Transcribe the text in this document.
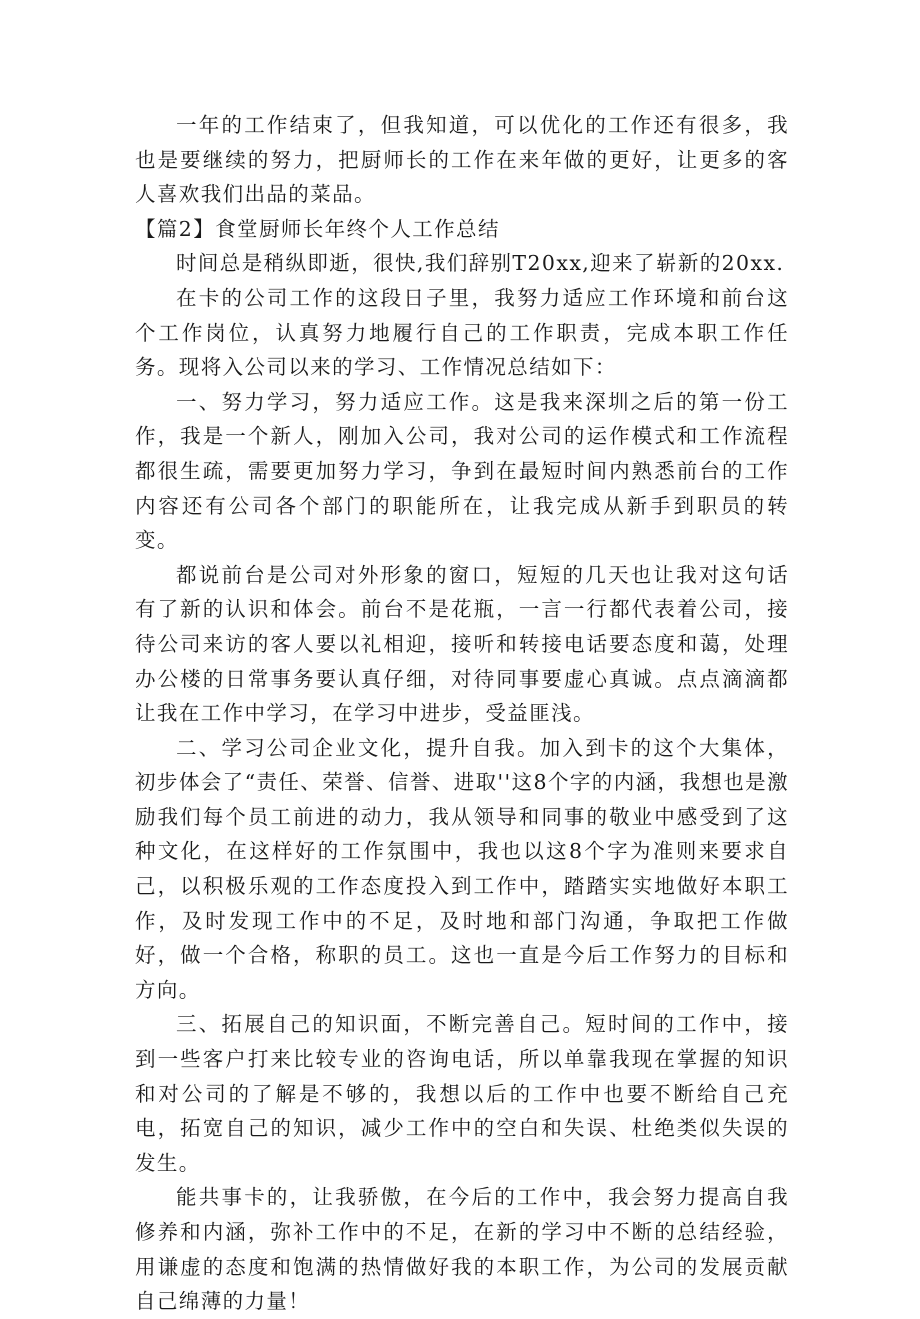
一年的工作结束了，但我知道，可以优化的工作还有很多，我也是要继续的努力，把厨师长的工作在来年做的更好，让更多的客人喜欢我们出品的菜品。

【篇2】食堂厨师长年终个人工作总结

时间总是稍纵即逝，很快,我们辞别T20xx,迎来了崭新的20xx.

在卡的公司工作的这段日子里，我努力适应工作环境和前台这个工作岗位，认真努力地履行自己的工作职责，完成本职工作任务。现将入公司以来的学习、工作情况总结如下：

一、努力学习，努力适应工作。这是我来深圳之后的第一份工作，我是一个新人，刚加入公司，我对公司的运作模式和工作流程都很生疏，需要更加努力学习，争到在最短时间内熟悉前台的工作内容还有公司各个部门的职能所在，让我完成从新手到职员的转变。

都说前台是公司对外形象的窗口，短短的几天也让我对这句话有了新的认识和体会。前台不是花瓶，一言一行都代表着公司，接待公司来访的客人要以礼相迎，接听和转接电话要态度和蔼，处理办公楼的日常事务要认真仔细，对待同事要虚心真诚。点点滴滴都让我在工作中学习，在学习中进步，受益匪浅。

二、学习公司企业文化，提升自我。加入到卡的这个大集体，初步体会了“责任、荣誉、信誉、进取''这8个字的内涵，我想也是激励我们每个员工前进的动力，我从领导和同事的敬业中感受到了这种文化，在这样好的工作氛围中，我也以这8个字为准则来要求自己，以积极乐观的工作态度投入到工作中，踏踏实实地做好本职工作，及时发现工作中的不足，及时地和部门沟通，争取把工作做好，做一个合格，称职的员工。这也一直是今后工作努力的目标和方向。

三、拓展自己的知识面，不断完善自己。短时间的工作中，接到一些客户打来比较专业的咨询电话，所以单靠我现在掌握的知识和对公司的了解是不够的，我想以后的工作中也要不断给自己充电，拓宽自己的知识，减少工作中的空白和失误、杜绝类似失误的发生。

能共事卡的，让我骄傲，在今后的工作中，我会努力提高自我修养和内涵，弥补工作中的不足，在新的学习中不断的总结经验，用谦虚的态度和饱满的热情做好我的本职工作，为公司的发展贡献自己绵薄的力量！
